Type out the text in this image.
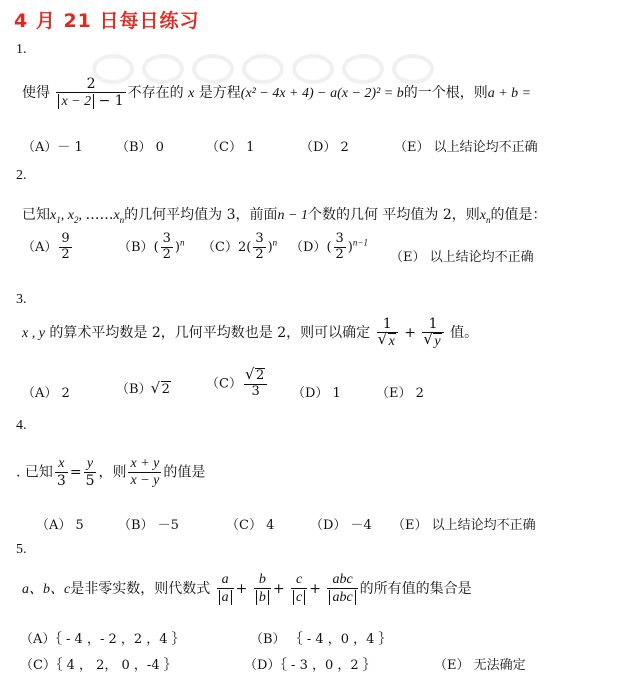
4 月 21 日每日练习
1.
使得 $\frac{2}{x - 2 - 1}$ 不存在的 x 是方程(x² − 4x + 4) − a(x − 2)² = b的一个根，则a + b =
（A）－ 1	（B） 0	（C） 1	（D） 2	（E） 以上结论均不正确
2.
已知$x_1$, $x_2$, $\dots\dots x_n$的几何平均值为 3，前面n − 1个数的几何 平均值为 2，则$x_n$的值是：
$(A) \frac{9}{2}$	$(B)( \frac{3}{2} )^n$ $(C)2( \frac{3}{2} )^n$ $(D)( \frac{3}{2} )^{n-1}$
（E） 以上结论均不正确
3.
x , y 的算术平均数是 2，几何平均数也是 2，则可以确定 1
√ x + 1
√ y 值。
（A） 2	（B） √ 2	（C） √ $\frac{2}{3} (D)$ 1	（E） 2
4.
. 已知 $\frac{x}{3} = \frac{y}{5}$ ，则 $\frac{x + y}{x - y}$ 的值是
（A） 5	（B） －5	（C） 4	（D） －4 （E） 以上结论均不正确
5.
a、b、c是非零实数，则代数式 $\frac{a}{a} + \frac{b}{b} + \frac{c}{c} + \frac{\text{abc}}{\text{abc}}$ 的所有值的集合是
（A）｛ - 4 ，- 2 ，2 ，4 ｝	（B） ｛ - 4 ，0 ，4 ｝
（C）｛ 4 ， 2， 0 ，-4 ｝	（D）｛ - 3 ，0 ，2 ｝	（E） 无法确定
